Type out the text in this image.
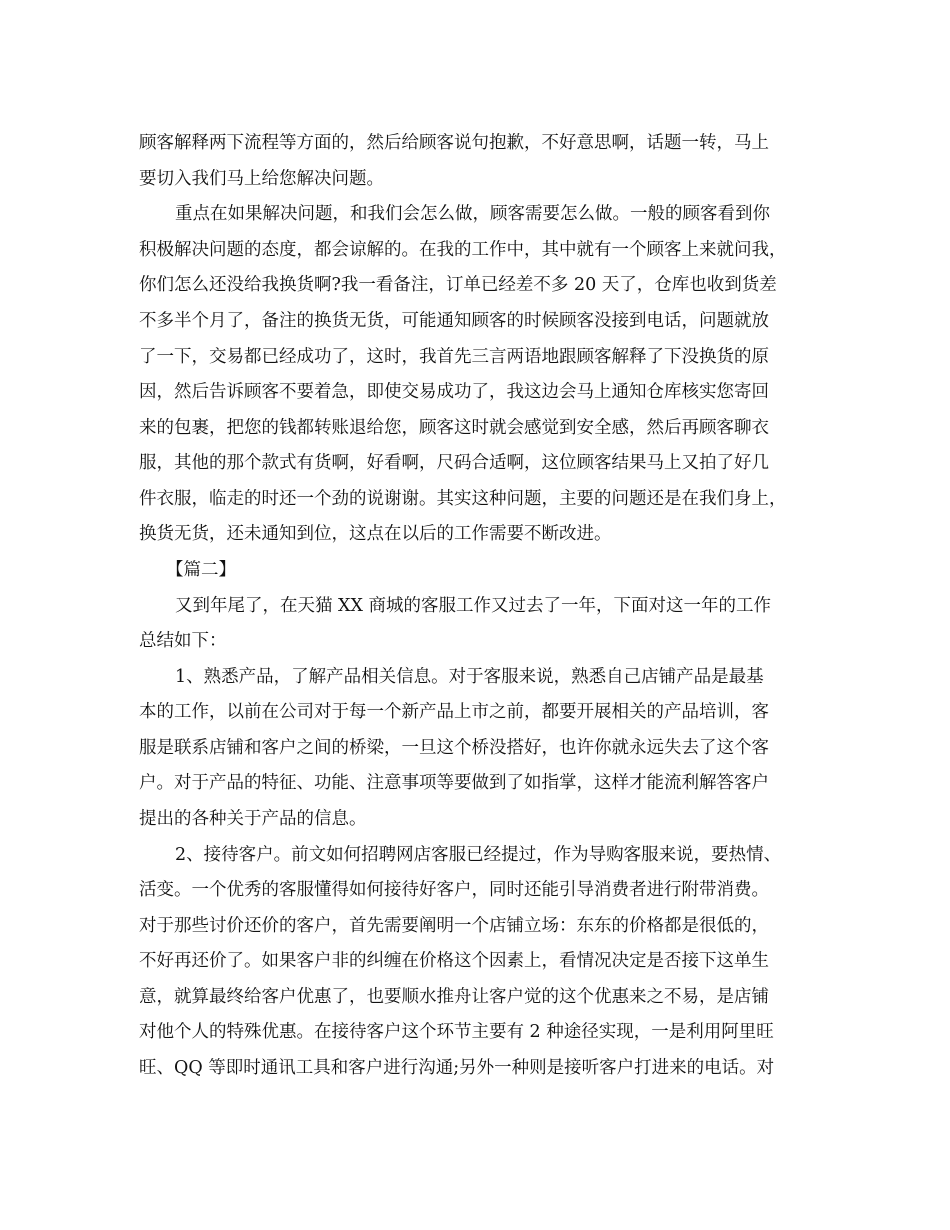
顾客解释两下流程等方面的，然后给顾客说句抱歉，不好意思啊，话题一转，马上
要切入我们马上给您解决问题。
重点在如果解决问题，和我们会怎么做，顾客需要怎么做。一般的顾客看到你
积极解决问题的态度，都会谅解的。在我的工作中，其中就有一个顾客上来就问我，
你们怎么还没给我换货啊?我一看备注，订单已经差不多 20 天了，仓库也收到货差
不多半个月了，备注的换货无货，可能通知顾客的时候顾客没接到电话，问题就放
了一下，交易都已经成功了，这时，我首先三言两语地跟顾客解释了下没换货的原
因，然后告诉顾客不要着急，即使交易成功了，我这边会马上通知仓库核实您寄回
来的包裹，把您的钱都转账退给您，顾客这时就会感觉到安全感，然后再顾客聊衣
服，其他的那个款式有货啊，好看啊，尺码合适啊，这位顾客结果马上又拍了好几
件衣服，临走的时还一个劲的说谢谢。其实这种问题，主要的问题还是在我们身上，
换货无货，还未通知到位，这点在以后的工作需要不断改进。
【篇二】
又到年尾了，在天猫 XX 商城的客服工作又过去了一年，下面对这一年的工作
总结如下：
1、熟悉产品，了解产品相关信息。对于客服来说，熟悉自己店铺产品是最基
本的工作，以前在公司对于每一个新产品上市之前，都要开展相关的产品培训，客
服是联系店铺和客户之间的桥梁，一旦这个桥没搭好，也许你就永远失去了这个客
户。对于产品的特征、功能、注意事项等要做到了如指掌，这样才能流利解答客户
提出的各种关于产品的信息。
2、接待客户。前文如何招聘网店客服已经提过，作为导购客服来说，要热情、
活变。一个优秀的客服懂得如何接待好客户，同时还能引导消费者进行附带消费。
对于那些讨价还价的客户，首先需要阐明一个店铺立场：东东的价格都是很低的，
不好再还价了。如果客户非的纠缠在价格这个因素上，看情况决定是否接下这单生
意，就算最终给客户优惠了，也要顺水推舟让客户觉的这个优惠来之不易，是店铺
对他个人的特殊优惠。在接待客户这个环节主要有 2 种途径实现，一是利用阿里旺
旺、QQ 等即时通讯工具和客户进行沟通;另外一种则是接听客户打进来的电话。对
